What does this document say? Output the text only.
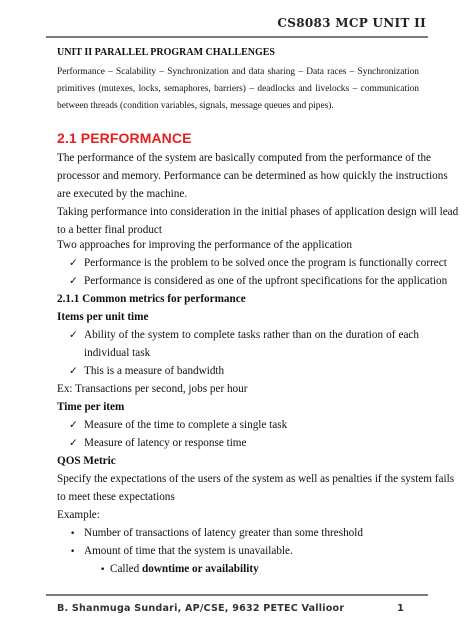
CS8083 MCP UNIT II
UNIT II PARALLEL PROGRAM CHALLENGES
Performance – Scalability – Synchronization and data sharing – Data races – Synchronization
primitives (mutexes, locks, semaphores, barriers) – deadlocks and livelocks – communication
between threads (condition variables, signals, message queues and pipes).
2.1 PERFORMANCE
The performance of the system are basically computed from the performance of the
processor and memory. Performance can be determined as how quickly the instructions
are executed by the machine.
Taking performance into consideration in the initial phases of application design will lead
to a better final product
Two approaches for improving the performance of the application
✓ Performance is the problem to be solved once the program is functionally correct
✓ Performance is considered as one of the upfront specifications for the application
2.1.1 Common metrics for performance
Items per unit time
✓ Ability of the system to complete tasks rather than on the duration of each
individual task
✓ This is a measure of bandwidth
Ex: Transactions per second, jobs per hour
Time per item
✓ Measure of the time to complete a single task
✓ Measure of latency or response time
QOS Metric
Specify the expectations of the users of the system as well as penalties if the system fails
to meet these expectations
Example:
• Number of transactions of latency greater than some threshold
• Amount of time that the system is unavailable.
• Called downtime or availability
B. Shanmuga Sundari, AP/CSE, 9632 PETEC Vallioor	1
